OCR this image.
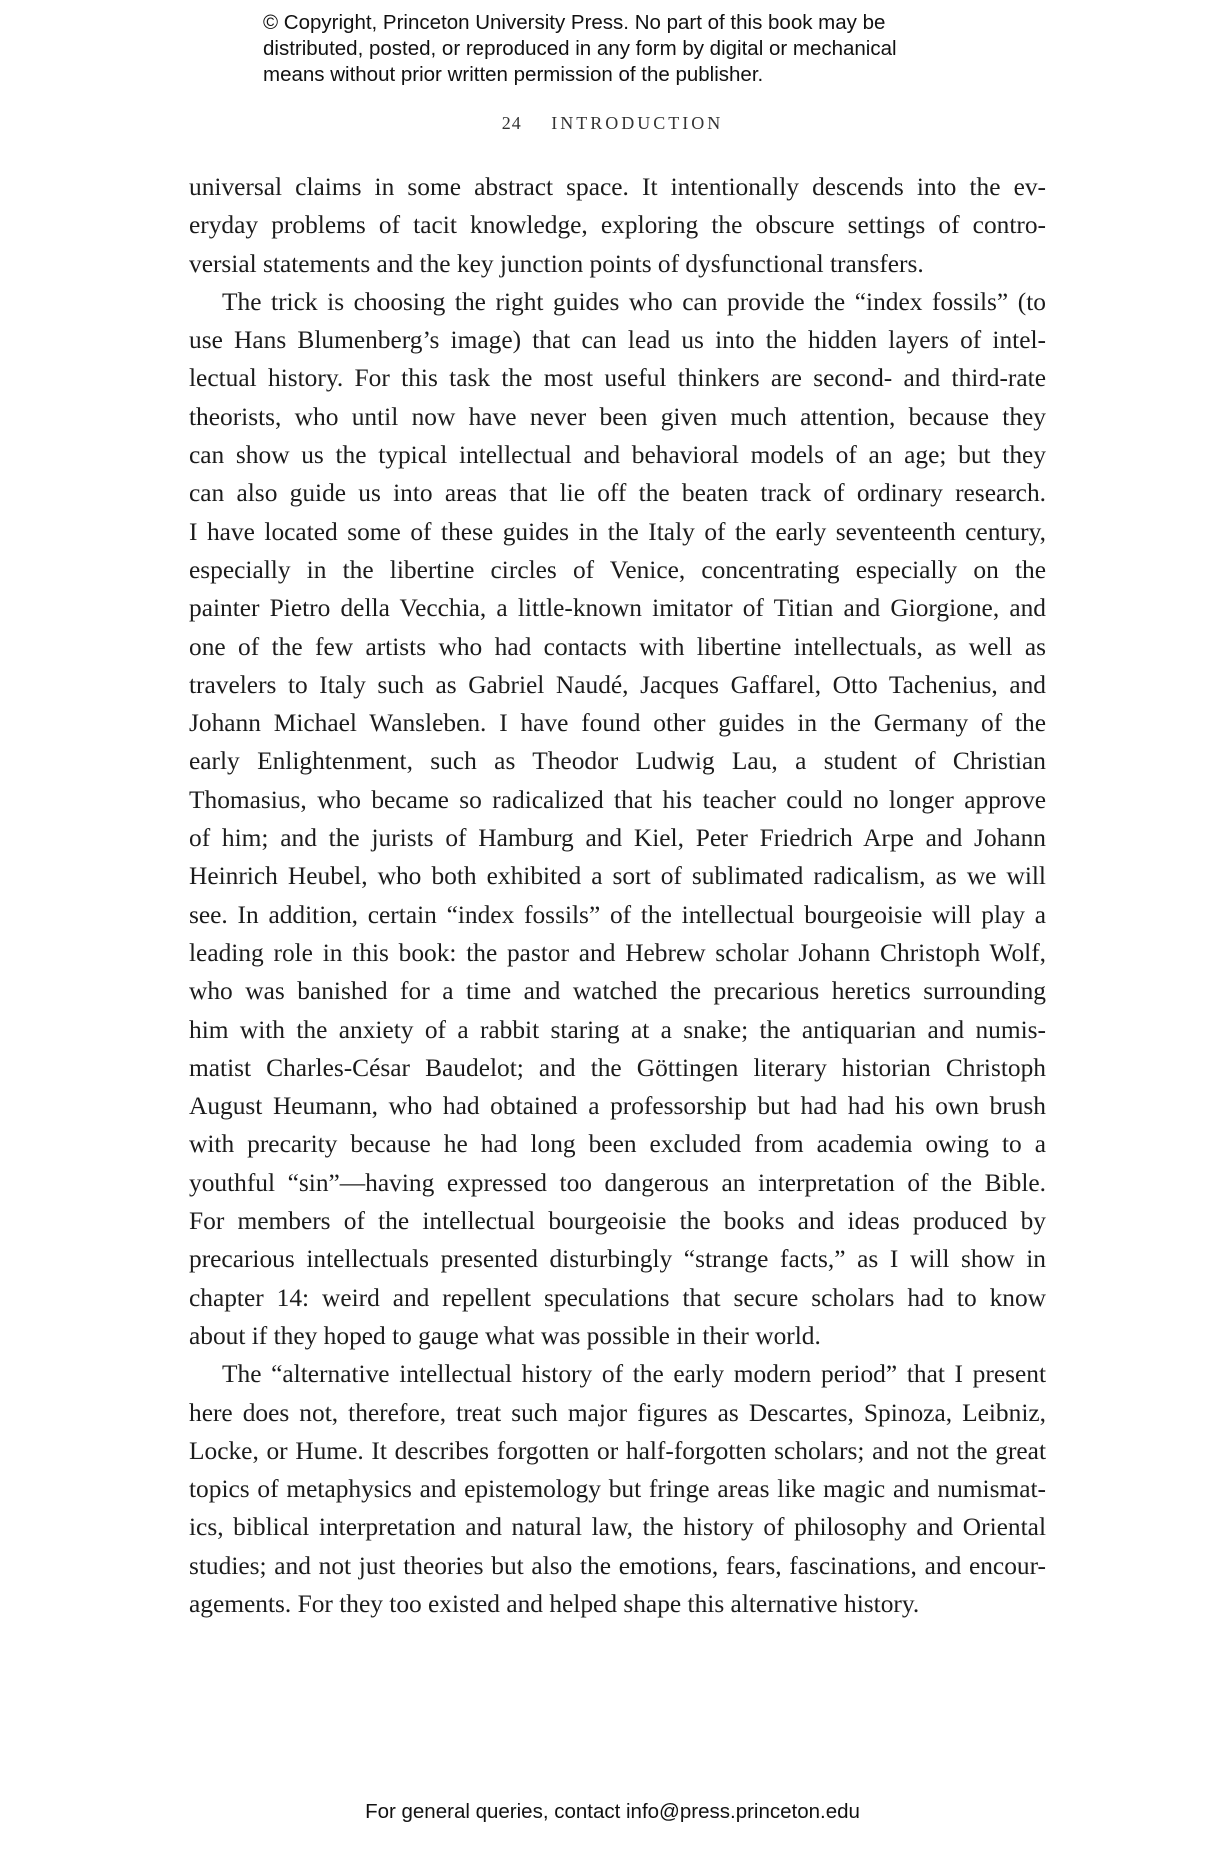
© Copyright, Princeton University Press. No part of this book may be
distributed, posted, or reproduced in any form by digital or mechanical
means without prior written permission of the publisher.
24 INTRODUCTION

universal claims in some abstract space. It intentionally descends into the ev-
eryday problems of tacit knowledge, exploring the obscure settings of contro-
versial statements and the key junction points of dysfunctional transfers.

The trick is choosing the right guides who can provide the “index fossils” (to
use Hans Blumenberg’s image) that can lead us into the hidden layers of intel-
lectual history. For this task the most useful thinkers are second- and third-rate
theorists, who until now have never been given much attention, because they
can show us the typical intellectual and behavioral models of an age; but they
can also guide us into areas that lie off the beaten track of ordinary research.
I have located some of these guides in the Italy of the early seventeenth century,
especially in the libertine circles of Venice, concentrating especially on the
painter Pietro della Vecchia, a little-known imitator of Titian and Giorgione, and
one of the few artists who had contacts with libertine intellectuals, as well as
travelers to Italy such as Gabriel Naudé, Jacques Gaffarel, Otto Tachenius, and
Johann Michael Wansleben. I have found other guides in the Germany of the
early Enlightenment, such as Theodor Ludwig Lau, a student of Christian
Thomasius, who became so radicalized that his teacher could no longer approve
of him; and the jurists of Hamburg and Kiel, Peter Friedrich Arpe and Johann
Heinrich Heubel, who both exhibited a sort of sublimated radicalism, as we will
see. In addition, certain “index fossils” of the intellectual bourgeoisie will play a
leading role in this book: the pastor and Hebrew scholar Johann Christoph Wolf,
who was banished for a time and watched the precarious heretics surrounding
him with the anxiety of a rabbit staring at a snake; the antiquarian and numis-
matist Charles-César Baudelot; and the Göttingen literary historian Christoph
August Heumann, who had obtained a professorship but had had his own brush
with precarity because he had long been excluded from academia owing to a
youthful “sin”—having expressed too dangerous an interpretation of the Bible.
For members of the intellectual bourgeoisie the books and ideas produced by
precarious intellectuals presented disturbingly “strange facts,” as I will show in
chapter 14: weird and repellent speculations that secure scholars had to know
about if they hoped to gauge what was possible in their world.

The “alternative intellectual history of the early modern period” that I present
here does not, therefore, treat such major figures as Descartes, Spinoza, Leibniz,
Locke, or Hume. It describes forgotten or half-forgotten scholars; and not the great
topics of metaphysics and epistemology but fringe areas like magic and numismat-
ics, biblical interpretation and natural law, the history of philosophy and Oriental
studies; and not just theories but also the emotions, fears, fascinations, and encour-
agements. For they too existed and helped shape this alternative history.

For general queries, contact info@press.princeton.edu
